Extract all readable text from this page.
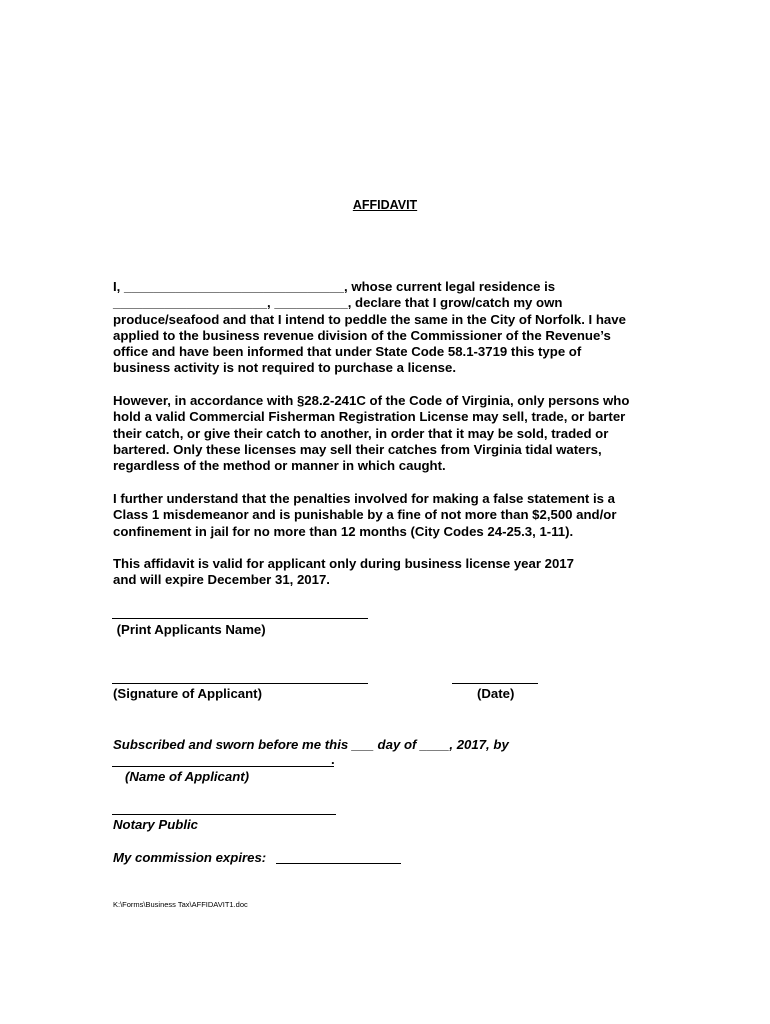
AFFIDAVIT
I, ______________________________, whose current legal residence is
_____________________, __________, declare that I grow/catch my own
produce/seafood and that I intend to peddle the same in the City of Norfolk. I have
applied to the business revenue division of the Commissioner of the Revenue’s
office and have been informed that under State Code 58.1-3719 this type of
business activity is not required to purchase a license.
However, in accordance with §28.2-241C of the Code of Virginia, only persons who
hold a valid Commercial Fisherman Registration License may sell, trade, or barter
their catch, or give their catch to another, in order that it may be sold, traded or
bartered. Only these licenses may sell their catches from Virginia tidal waters,
regardless of the method or manner in which caught.
I further understand that the penalties involved for making a false statement is a
Class 1 misdemeanor and is punishable by a fine of not more than $2,500 and/or
confinement in jail for no more than 12 months (City Codes 24-25.3, 1-11).
This affidavit is valid for applicant only during business license year 2017
and will expire December 31, 2017.
(Print Applicants Name)
(Signature of Applicant)	(Date)
Subscribed and sworn before me this ___ day of ____, 2017, by
.
(Name of Applicant)
Notary Public
My commission expires:
K:\Forms\Business Tax\AFFIDAVIT1.doc
